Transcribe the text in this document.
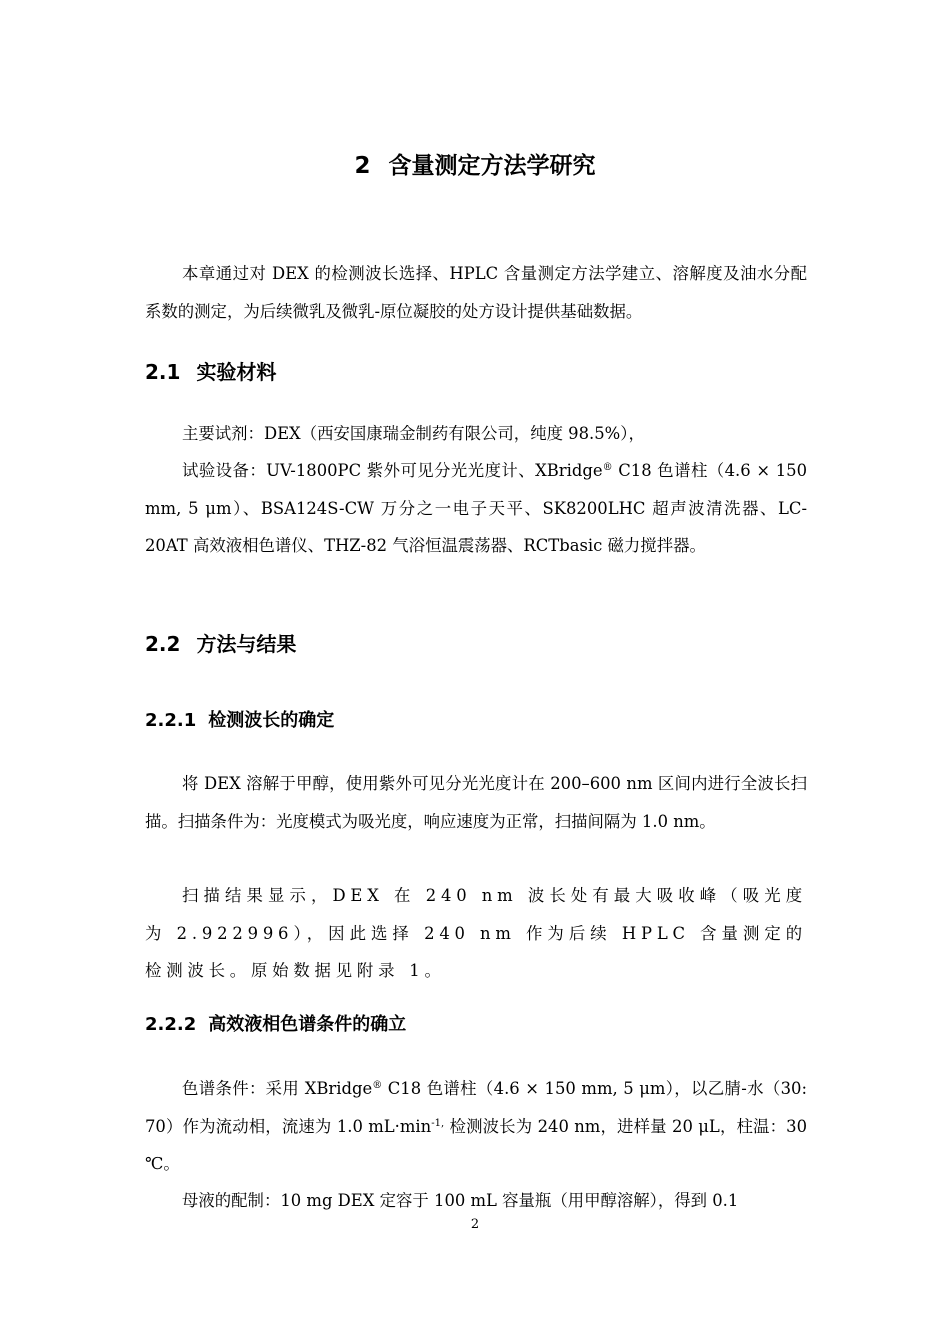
2 含量测定方法学研究

本章通过对 DEX 的检测波长选择、HPLC 含量测定方法学建立、溶解度及油水分配系数的测定，为后续微乳及微乳-原位凝胶的处方设计提供基础数据。

2.1 实验材料

主要试剂：DEX（西安国康瑞金制药有限公司，纯度 98.5%），

试验设备：UV-1800PC 紫外可见分光光度计、XBridge® C18 色谱柱（4.6 × 150 mm, 5 μm）、BSA124S-CW 万分之一电子天平、SK8200LHC 超声波清洗器、LC-20AT 高效液相色谱仪、THZ-82 气浴恒温震荡器、RCTbasic 磁力搅拌器。

2.2 方法与结果
2.2.1 检测波长的确定

将 DEX 溶解于甲醇，使用紫外可见分光光度计在 200–600 nm 区间内进行全波长扫描。扫描条件为：光度模式为吸光度，响应速度为正常，扫描间隔为 1.0 nm。

扫描结果显示，DEX 在 240 nm 波长处有最大吸收峰（吸光度为 2.922996），因此选择 240 nm 作为后续 HPLC 含量测定的检测波长。原始数据见附录 1。

2.2.2 高效液相色谱条件的确立

色谱条件：采用 XBridge® C18 色谱柱（4.6 × 150 mm, 5 μm），以乙腈-水（30: 70）作为流动相，流速为 1.0 $mL\cdot\min^{-1,}$ 检测波长为 240 nm，进样量 20 μL，柱温：30 ℃。

母液的配制：10 mg DEX 定容于 100 mL 容量瓶（用甲醇溶解），得到 0.1

2
